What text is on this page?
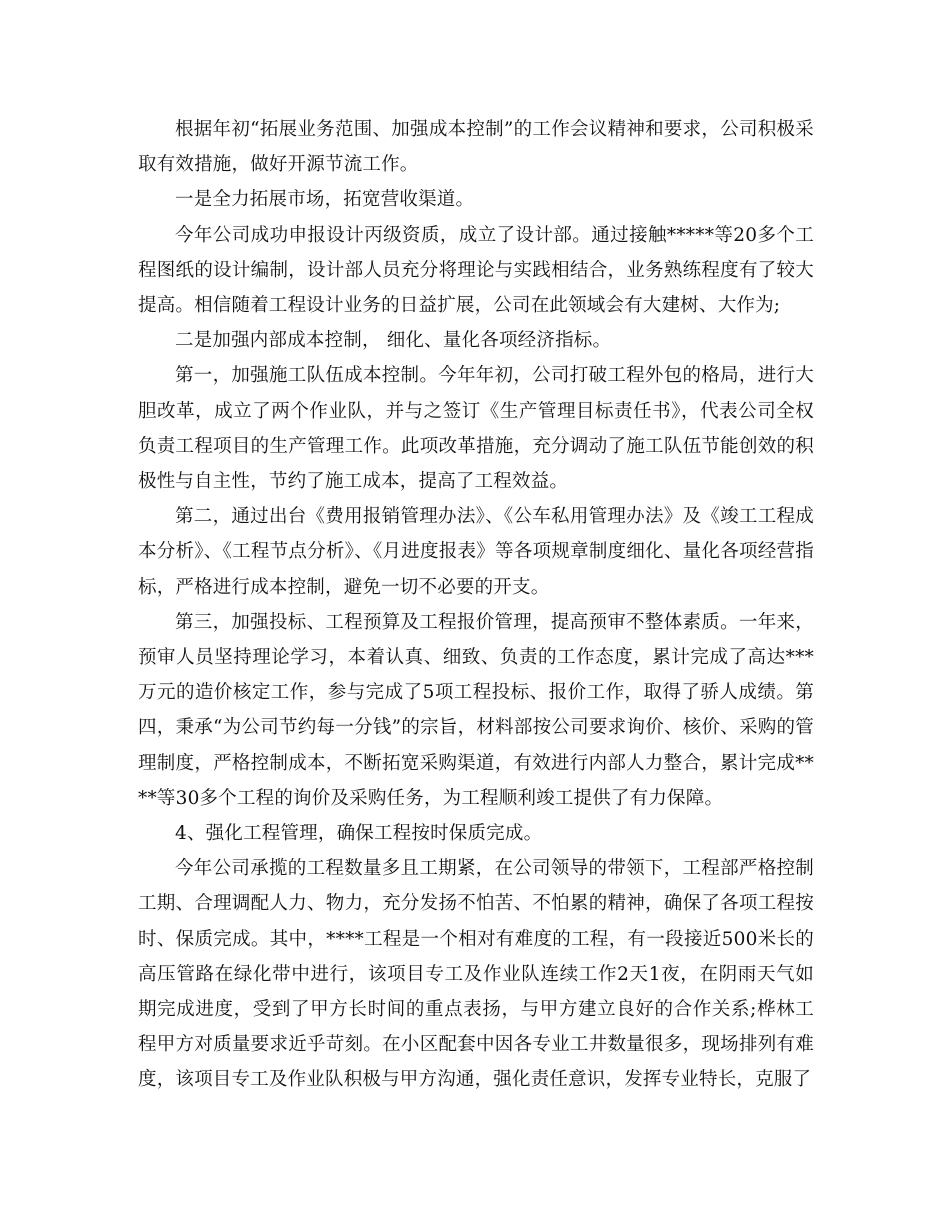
根据年初“拓展业务范围、加强成本控制”的工作会议精神和要求，公司积极采取有效措施，做好开源节流工作。

一是全力拓展市场，拓宽营收渠道。

今年公司成功申报设计丙级资质，成立了设计部。通过接触*****等20多个工程图纸的设计编制，设计部人员充分将理论与实践相结合，业务熟练程度有了较大提高。相信随着工程设计业务的日益扩展，公司在此领域会有大建树、大作为;

二是加强内部成本控制， 细化、量化各项经济指标。

第一，加强施工队伍成本控制。今年年初，公司打破工程外包的格局，进行大胆改革，成立了两个作业队，并与之签订《生产管理目标责任书》，代表公司全权负责工程项目的生产管理工作。此项改革措施，充分调动了施工队伍节能创效的积极性与自主性，节约了施工成本，提高了工程效益。

第二，通过出台《费用报销管理办法》、《公车私用管理办法》及《竣工工程成本分析》、《工程节点分析》、《月进度报表》等各项规章制度细化、量化各项经营指标，严格进行成本控制，避免一切不必要的开支。

第三，加强投标、工程预算及工程报价管理，提高预审不整体素质。一年来，预审人员坚持理论学习，本着认真、细致、负责的工作态度，累计完成了高达***万元的造价核定工作，参与完成了5项工程投标、报价工作，取得了骄人成绩。第四，秉承“为公司节约每一分钱”的宗旨，材料部按公司要求询价、核价、采购的管理制度，严格控制成本，不断拓宽采购渠道，有效进行内部人力整合，累计完成****等30多个工程的询价及采购任务，为工程顺利竣工提供了有力保障。

4、强化工程管理，确保工程按时保质完成。

今年公司承揽的工程数量多且工期紧，在公司领导的带领下，工程部严格控制工期、合理调配人力、物力，充分发扬不怕苦、不怕累的精神，确保了各项工程按时、保质完成。其中，****工程是一个相对有难度的工程，有一段接近500米长的高压管路在绿化带中进行，该项目专工及作业队连续工作2天1夜，在阴雨天气如期完成进度，受到了甲方长时间的重点表扬，与甲方建立良好的合作关系;桦林工程甲方对质量要求近乎苛刻。在小区配套中因各专业工井数量很多，现场排列有难度，该项目专工及作业队积极与甲方沟通，强化责任意识，发挥专业特长，克服了
